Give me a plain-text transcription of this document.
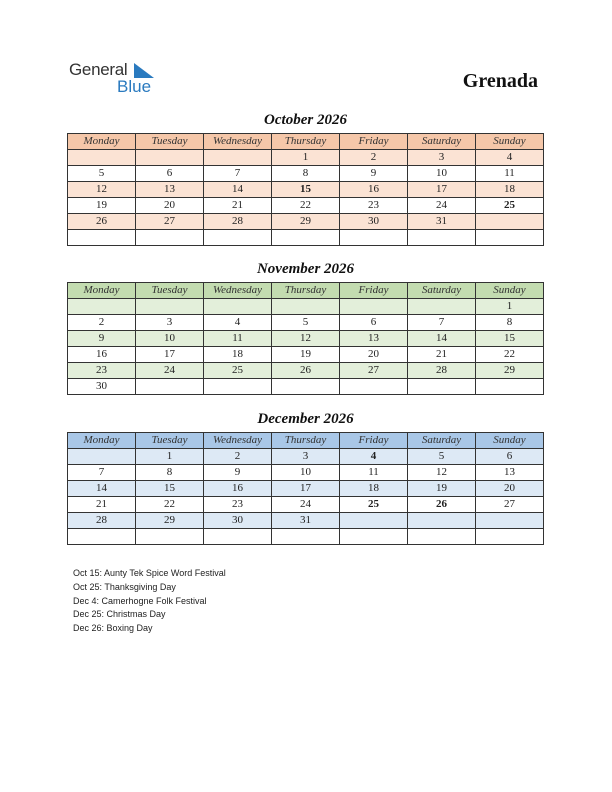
General
Blue	Grenada
October 2026
Monday	Tuesday	Wednesday	Thursday	Friday	Saturday	Sunday
			1	2	3	4
5	6	7	8	9	10	11
12	13	14	15	16	17	18
19	20	21	22	23	24	25
26	27	28	29	30	31	

November 2026
Monday	Tuesday	Wednesday	Thursday	Friday	Saturday	Sunday
						1
2	3	4	5	6	7	8
9	10	11	12	13	14	15
16	17	18	19	20	21	22
23	24	25	26	27	28	29
30						
December 2026
Monday	Tuesday	Wednesday	Thursday	Friday	Saturday	Sunday
	1	2	3	4	5	6
7	8	9	10	11	12	13
14	15	16	17	18	19	20
21	22	23	24	25	26	27
28	29	30	31			

Oct 15: Aunty Tek Spice Word Festival
Oct 25: Thanksgiving Day
Dec 4: Camerhogne Folk Festival
Dec 25: Christmas Day
Dec 26: Boxing Day
